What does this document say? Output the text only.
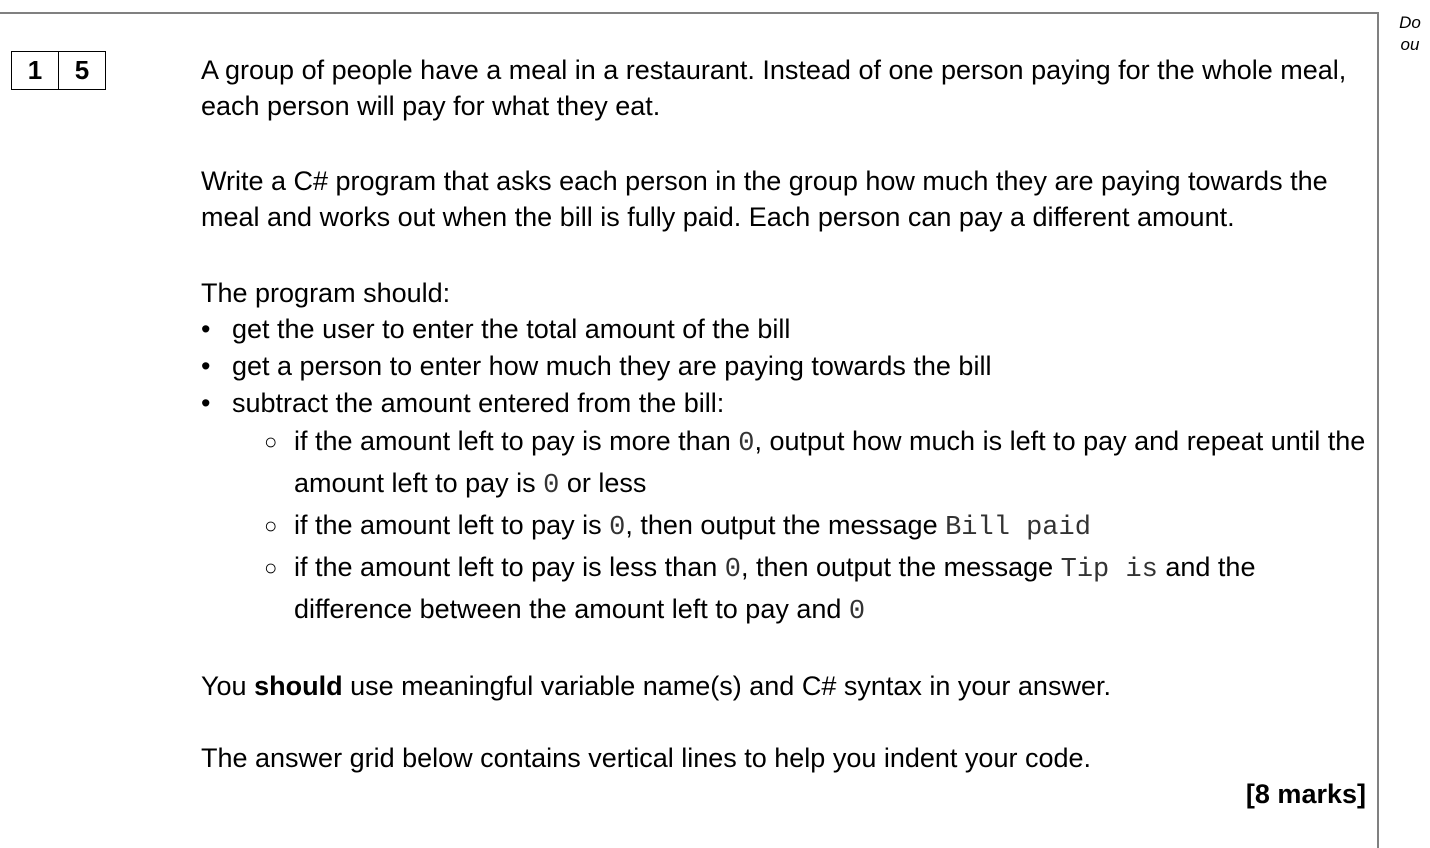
Do
ou
1	5	A group of people have a meal in a restaurant. Instead of one person paying for the whole meal, each person will pay for what they eat.

Write a C# program that asks each person in the group how much they are paying towards the meal and works out when the bill is fully paid. Each person can pay a different amount.

The program should:

• get the user to enter the total amount of the bill
• get a person to enter how much they are paying towards the bill
• subtract the amount entered from the bill:
○ if the amount left to pay is more than 0, output how much is left to pay and repeat until the amount left to pay is 0 or less
○ if the amount left to pay is 0, then output the message Bill paid
○ if the amount left to pay is less than 0, then output the message Tip is and the difference between the amount left to pay and 0

You should use meaningful variable name(s) and C# syntax in your answer.

The answer grid below contains vertical lines to help you indent your code.

[8 marks]
